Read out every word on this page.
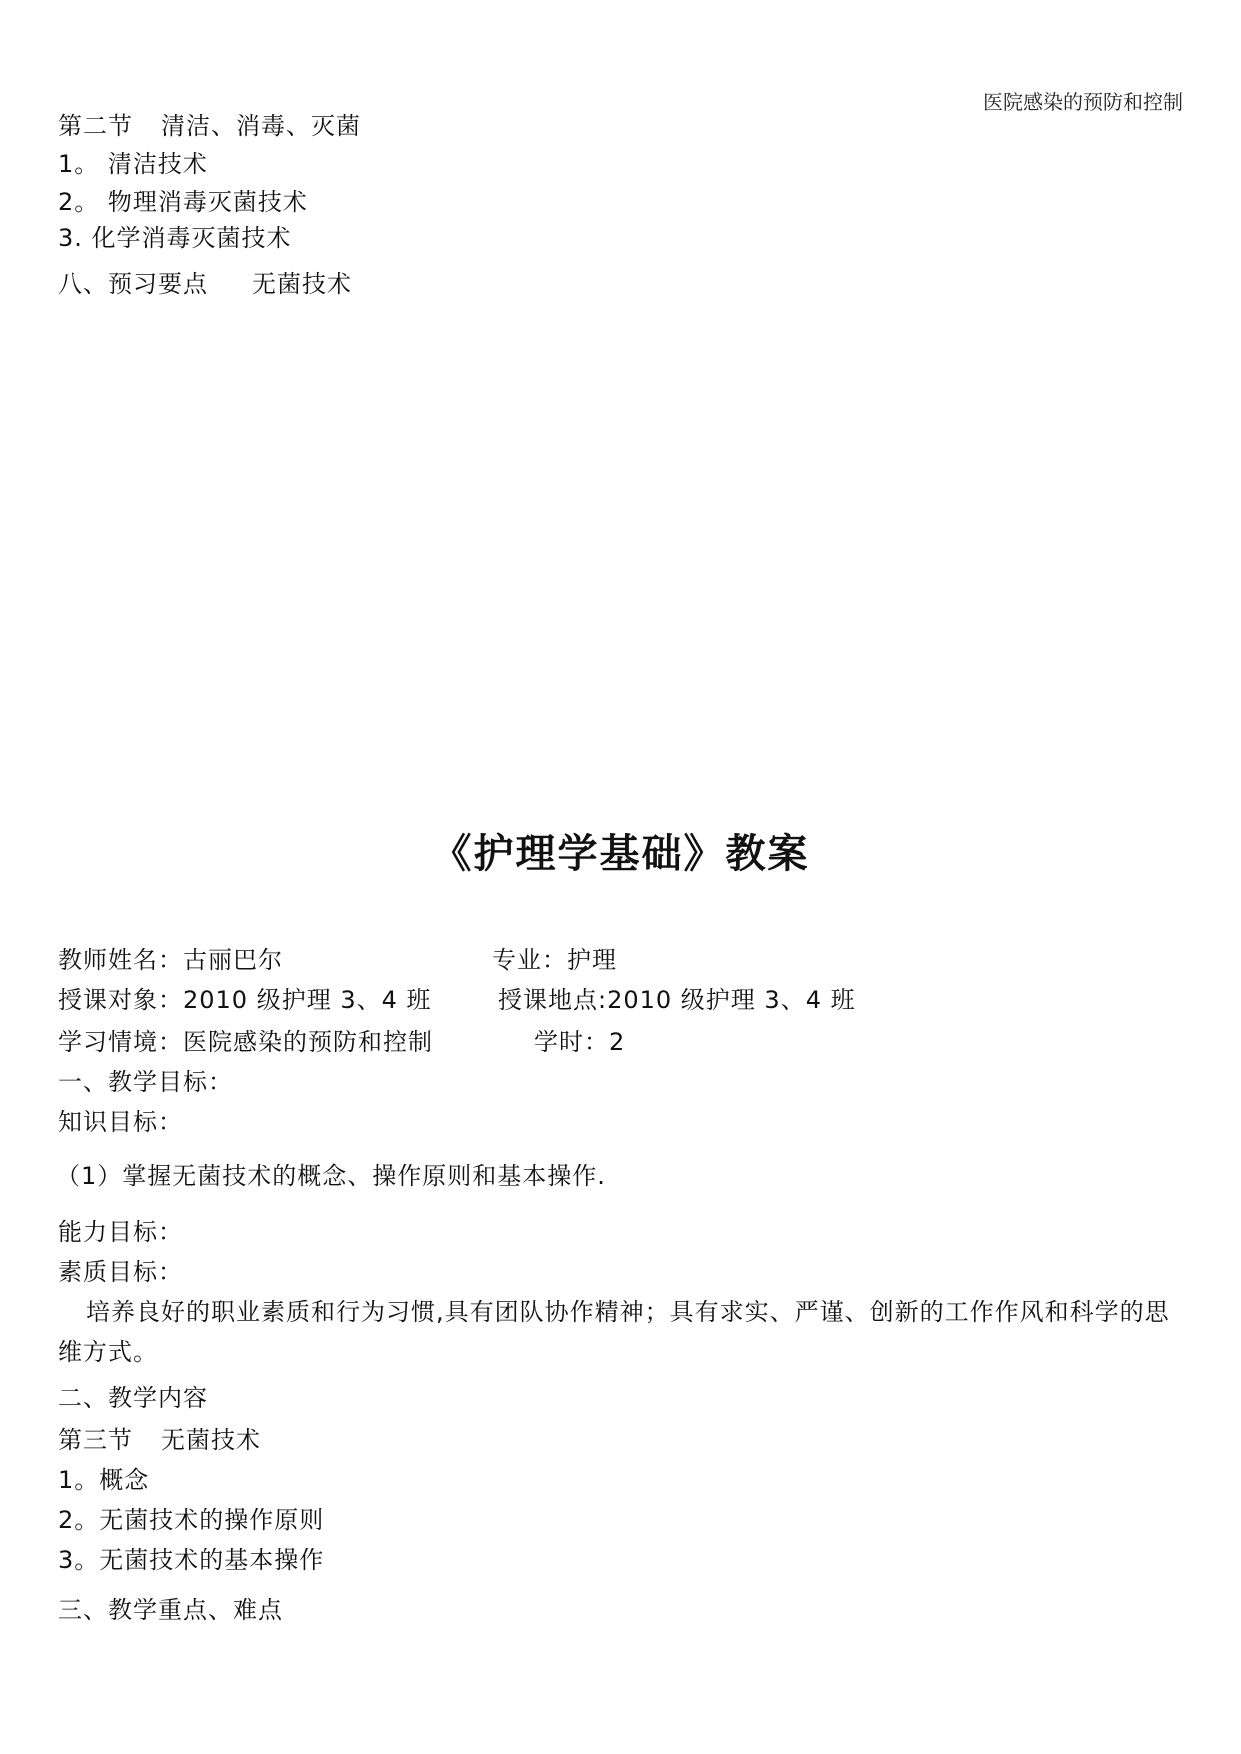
医院感染的预防和控制
第二节 清洁、消毒、灭菌
1。 清洁技术
2。 物理消毒灭菌技术
3. 化学消毒灭菌技术
八、预习要点 无菌技术
《护理学基础》教案
教师姓名：古丽巴尔	专业：护理
授课对象：2010 级护理 3、4 班	授课地点:2010 级护理 3、4 班
学习情境：医院感染的预防和控制	学时：2
一、教学目标：
知识目标：
（1）掌握无菌技术的概念、操作原则和基本操作.
能力目标：
素质目标：
培养良好的职业素质和行为习惯,具有团队协作精神；具有求实、严谨、创新的工作作风和科学的思维方式。
二、教学内容
第三节 无菌技术
1。概念
2。无菌技术的操作原则
3。无菌技术的基本操作
三、教学重点、难点
